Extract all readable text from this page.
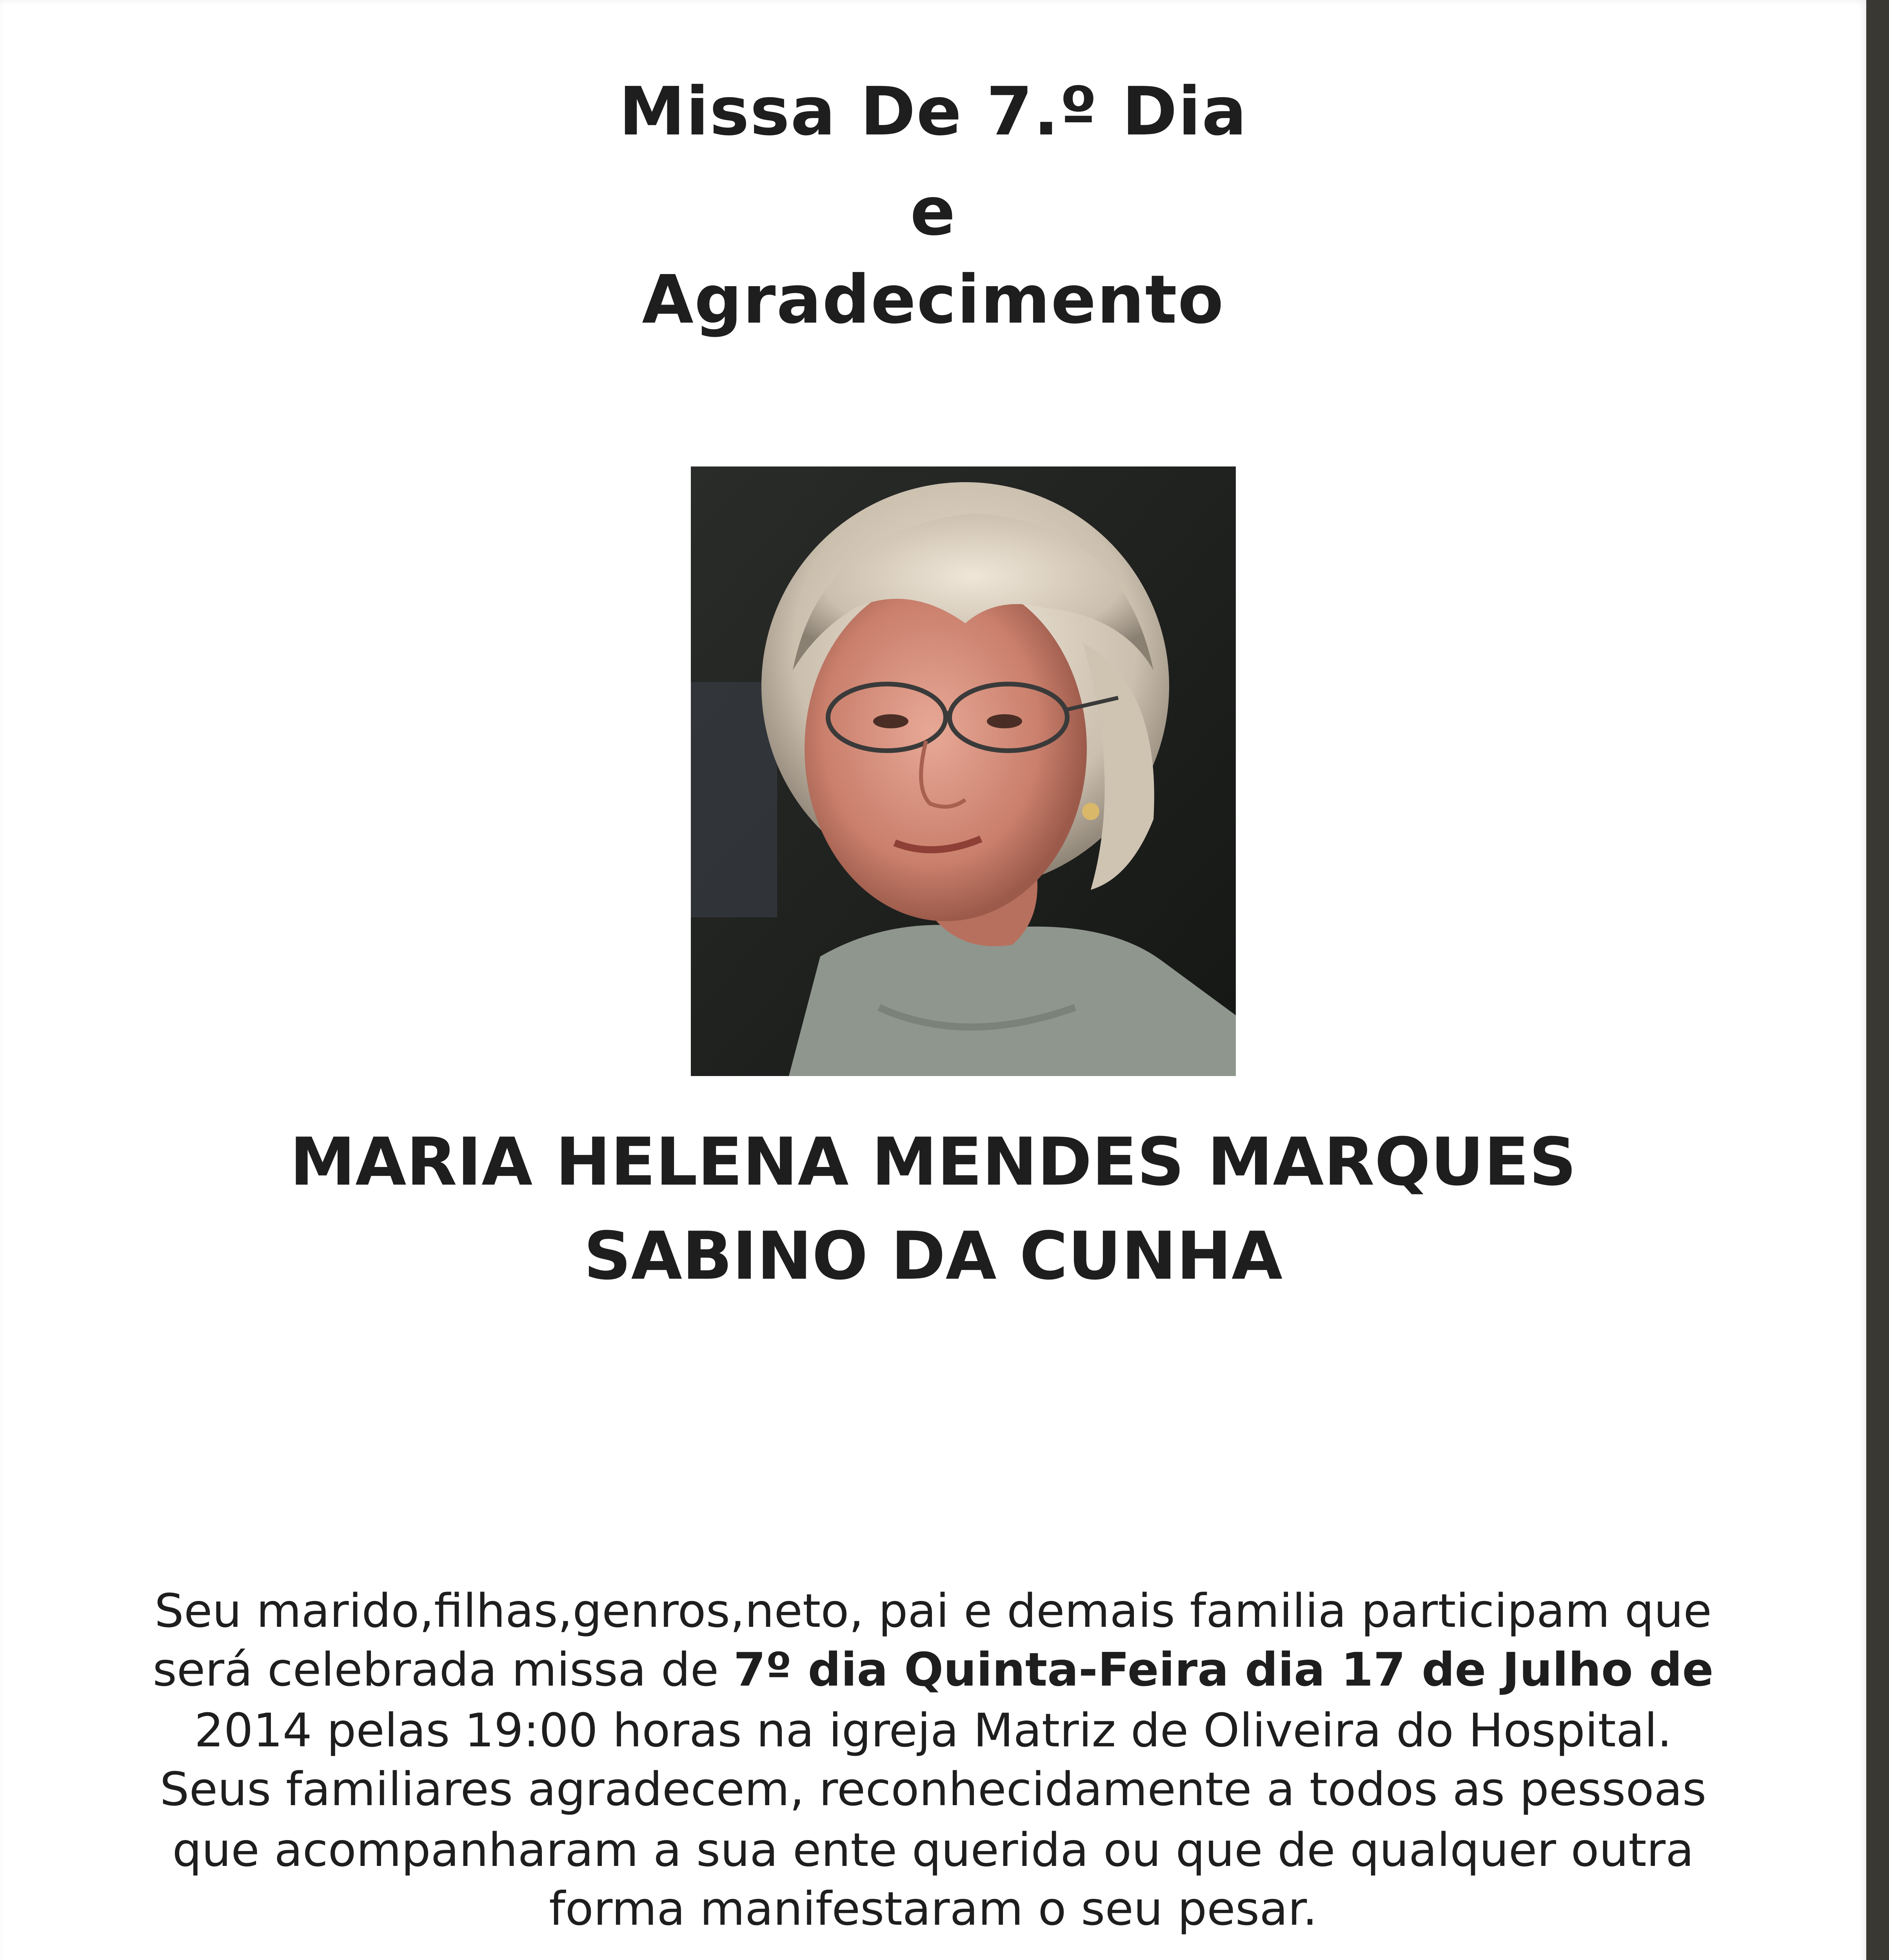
Missa De 7.º Dia
e
Agradecimento
MARIA HELENA MENDES MARQUES
SABINO DA CUNHA
Seu marido,filhas,genros,neto, pai e demais familia participam que
será celebrada missa de 7º dia Quinta-Feira dia 17 de Julho de
2014 pelas 19:00 horas na igreja Matriz de Oliveira do Hospital.
Seus familiares agradecem, reconhecidamente a todos as pessoas
que acompanharam a sua ente querida ou que de qualquer outra
forma manifestaram o seu pesar.
